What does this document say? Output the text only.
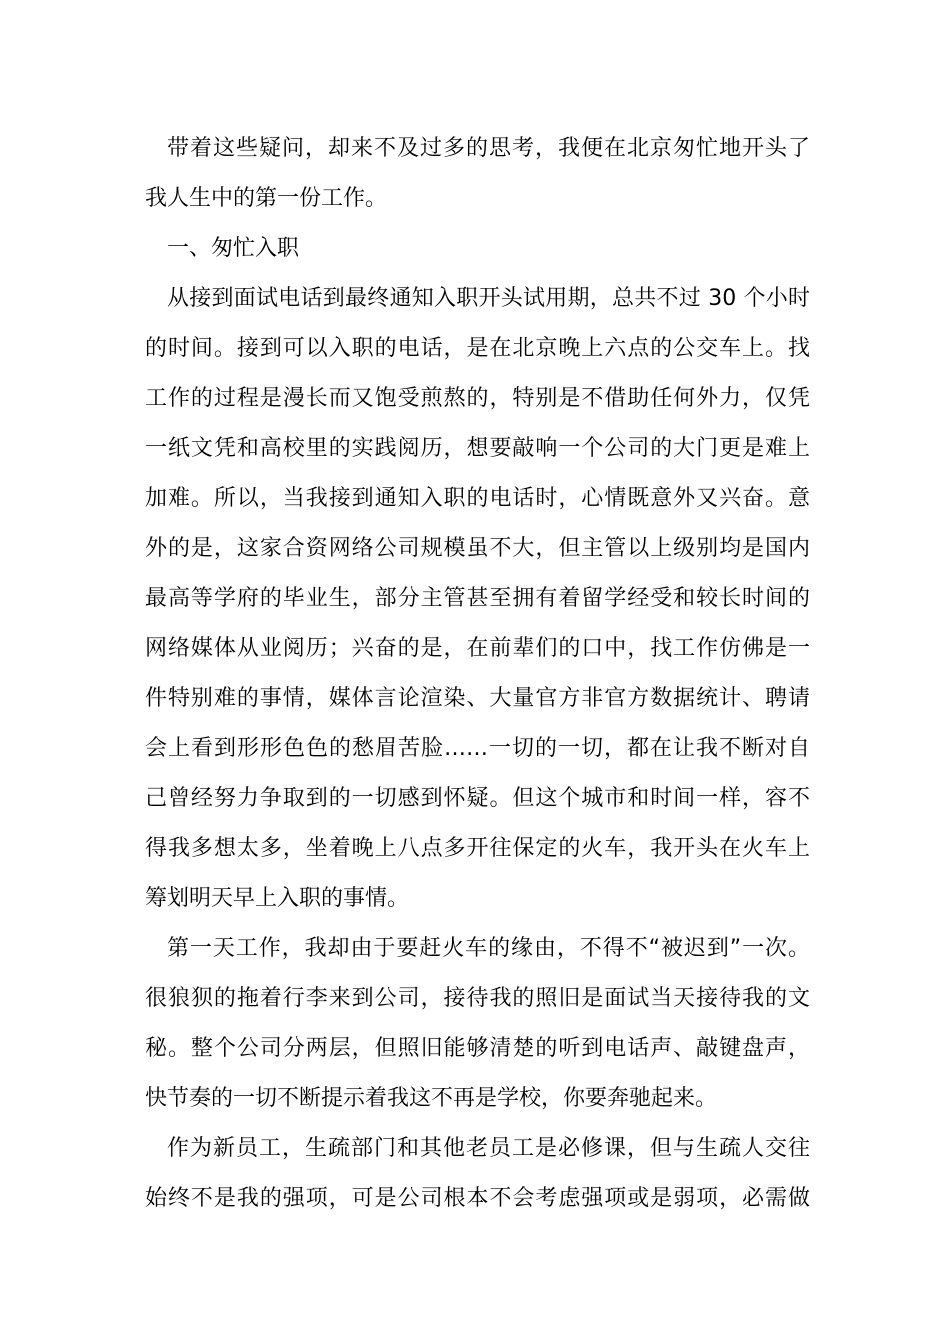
带着这些疑问，却来不及过多的思考，我便在北京匆忙地开头了
我人生中的第一份工作。
一、匆忙入职
从接到面试电话到最终通知入职开头试用期，总共不过 30 个小时
的时间。接到可以入职的电话，是在北京晚上六点的公交车上。找
工作的过程是漫长而又饱受煎熬的，特别是不借助任何外力，仅凭
一纸文凭和高校里的实践阅历，想要敲响一个公司的大门更是难上
加难。所以，当我接到通知入职的电话时，心情既意外又兴奋。意
外的是，这家合资网络公司规模虽不大，但主管以上级别均是国内
最高等学府的毕业生，部分主管甚至拥有着留学经受和较长时间的
网络媒体从业阅历；兴奋的是，在前辈们的口中，找工作仿佛是一
件特别难的事情，媒体言论渲染、大量官方非官方数据统计、聘请
会上看到形形色色的愁眉苦脸……一切的一切，都在让我不断对自
己曾经努力争取到的一切感到怀疑。但这个城市和时间一样，容不
得我多想太多，坐着晚上八点多开往保定的火车，我开头在火车上
筹划明天早上入职的事情。
第一天工作，我却由于要赶火车的缘由，不得不“被迟到”一次。
很狼狈的拖着行李来到公司，接待我的照旧是面试当天接待我的文
秘。整个公司分两层，但照旧能够清楚的听到电话声、敲键盘声，
快节奏的一切不断提示着我这不再是学校，你要奔驰起来。
作为新员工，生疏部门和其他老员工是必修课，但与生疏人交往
始终不是我的强项，可是公司根本不会考虑强项或是弱项，必需做
